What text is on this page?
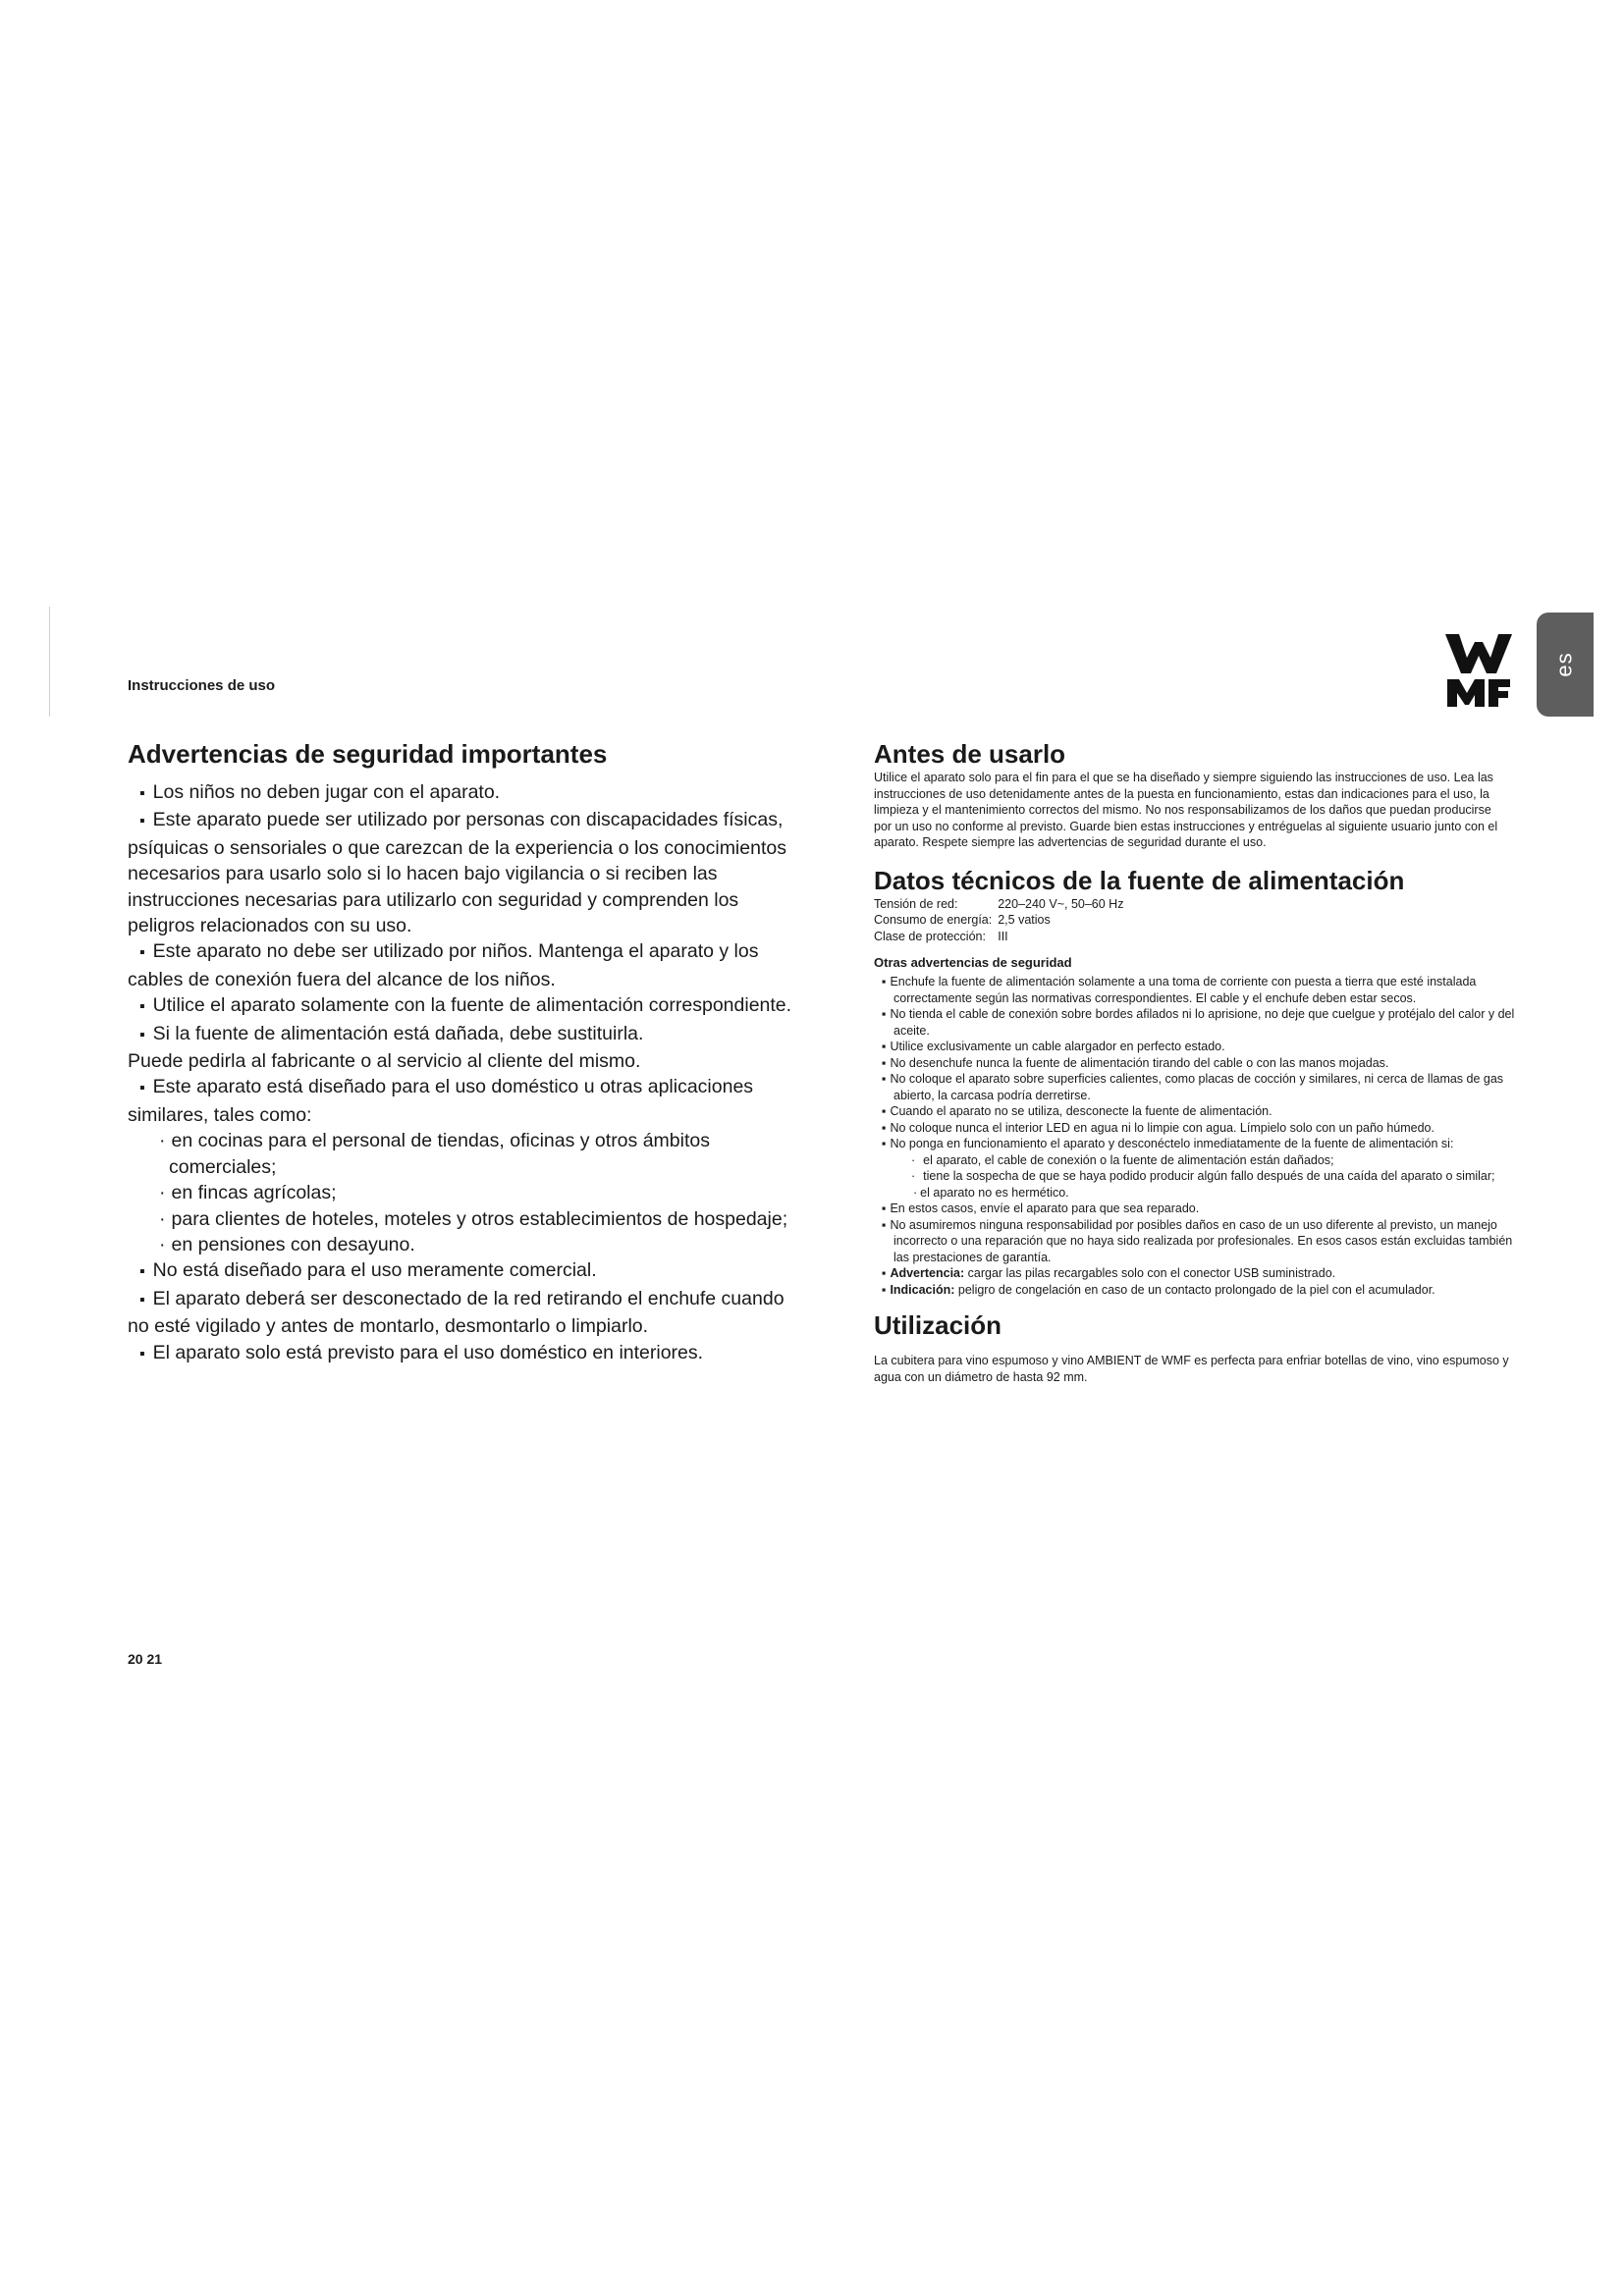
Instrucciones de uso
es
Advertencias de seguridad importantes

▪ Los niños no deben jugar con el aparato.

▪ Este aparato puede ser utilizado por personas con discapacidades físicas, psíquicas o sensoriales o que carezcan de la experiencia o los conocimientos necesarios para usarlo solo si lo hacen bajo vigilancia o si reciben las instrucciones necesarias para utilizarlo con seguridad y comprenden los peligros relacionados con su uso.

▪ Este aparato no debe ser utilizado por niños. Mantenga el aparato y los cables de conexión fuera del alcance de los niños.

▪ Utilice el aparato solamente con la fuente de alimentación correspondiente.

▪ Si la fuente de alimentación está dañada, debe sustituirla.

Puede pedirla al fabricante o al servicio al cliente del mismo.

▪ Este aparato está diseñado para el uso doméstico u otras aplicaciones similares, tales como:

· en cocinas para el personal de tiendas, oficinas y otros ámbitos comerciales;

· en fincas agrícolas;

· para clientes de hoteles, moteles y otros establecimientos de hospedaje;

· en pensiones con desayuno.

▪ No está diseñado para el uso meramente comercial.

▪ El aparato deberá ser desconectado de la red retirando el enchufe cuando no esté vigilado y antes de montarlo, desmontarlo o limpiarlo.

▪ El aparato solo está previsto para el uso doméstico en interiores.

Antes de usarlo

Utilice el aparato solo para el fin para el que se ha diseñado y siempre siguiendo las instrucciones de uso. Lea las instrucciones de uso detenidamente antes de la puesta en funcionamiento, estas dan indicaciones para el uso, la limpieza y el mantenimiento correctos del mismo. No nos responsabilizamos de los daños que puedan producirse

por un uso no conforme al previsto. Guarde bien estas instrucciones y entréguelas al siguiente usuario junto con el aparato. Respete siempre las advertencias de seguridad durante el uso.

Datos técnicos de la fuente de alimentación
Tensión de red:	220–240 V~, 50–60 Hz
Consumo de energía: 2,5 vatios
Clase de protección: III
Otras advertencias de seguridad

▪ Enchufe la fuente de alimentación solamente a una toma de corriente con puesta a tierra que esté instalada correctamente según las normativas correspondientes. El cable y el enchufe deben estar secos.

▪ No tienda el cable de conexión sobre bordes afilados ni lo aprisione, no deje que cuelgue y protéjalo del calor y del aceite.

▪ Utilice exclusivamente un cable alargador en perfecto estado.

▪ No desenchufe nunca la fuente de alimentación tirando del cable o con las manos mojadas.

▪ No coloque el aparato sobre superficies calientes, como placas de cocción y similares, ni cerca de llamas de gas abierto, la carcasa podría derretirse.

▪ Cuando el aparato no se utiliza, desconecte la fuente de alimentación.

▪ No coloque nunca el interior LED en agua ni lo limpie con agua. Límpielo solo con un paño húmedo.

▪ No ponga en funcionamiento el aparato y desconéctelo inmediatamente de la fuente de alimentación si:

· el aparato, el cable de conexión o la fuente de alimentación están dañados;

· tiene la sospecha de que se haya podido producir algún fallo después de una caída del aparato o similar;

· el aparato no es hermético.

▪ En estos casos, envíe el aparato para que sea reparado.

▪ No asumiremos ninguna responsabilidad por posibles daños en caso de un uso diferente al previsto, un manejo incorrecto o una reparación que no haya sido realizada por profesionales. En esos casos están excluidas también las prestaciones de garantía.

▪ Advertencia: cargar las pilas recargables solo con el conector USB suministrado.

▪ Indicación: peligro de congelación en caso de un contacto prolongado de la piel con el acumulador.

Utilización

La cubitera para vino espumoso y vino AMBIENT de WMF es perfecta para enfriar botellas de vino, vino espumoso y agua con un diámetro de hasta 92 mm.

20 21
